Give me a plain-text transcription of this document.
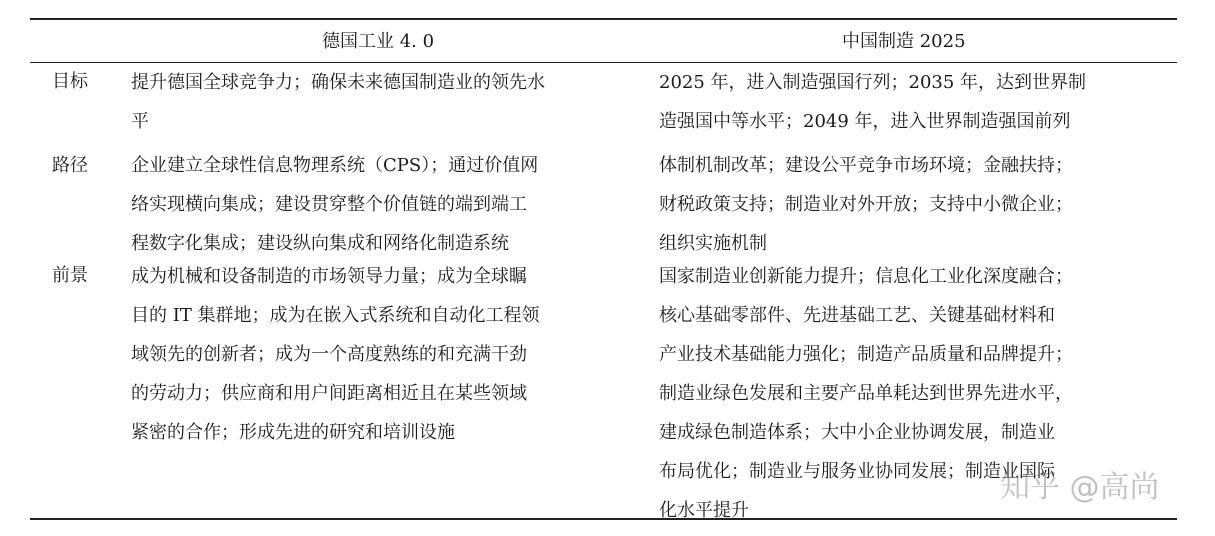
德国工业 4. 0	中国制造 2025
目标 提升德国全球竞争力；确保未来德国制造业的领先水
平
2025 年，进入制造强国行列；2035 年，达到世界制
造强国中等水平；2049 年，进入世界制造强国前列
路径 企业建立全球性信息物理系统（CPS）；通过价值网
络实现横向集成；建设贯穿整个价值链的端到端工
程数字化集成；建设纵向集成和网络化制造系统
体制机制改革；建设公平竞争市场环境；金融扶持；
财税政策支持；制造业对外开放；支持中小微企业；
组织实施机制
前景 成为机械和设备制造的市场领导力量；成为全球瞩
目的 IT 集群地；成为在嵌入式系统和自动化工程领
域领先的创新者；成为一个高度熟练的和充满干劲
的劳动力；供应商和用户间距离相近且在某些领域
紧密的合作；形成先进的研究和培训设施
国家制造业创新能力提升；信息化工业化深度融合；
核心基础零部件、先进基础工艺、关键基础材料和
产业技术基础能力强化；制造产品质量和品牌提升；
制造业绿色发展和主要产品单耗达到世界先进水平，
建成绿色制造体系；大中小企业协调发展，制造业
布局优化；制造业与服务业协同发展；制造业国际
化水平提升
知乎 @高尚
